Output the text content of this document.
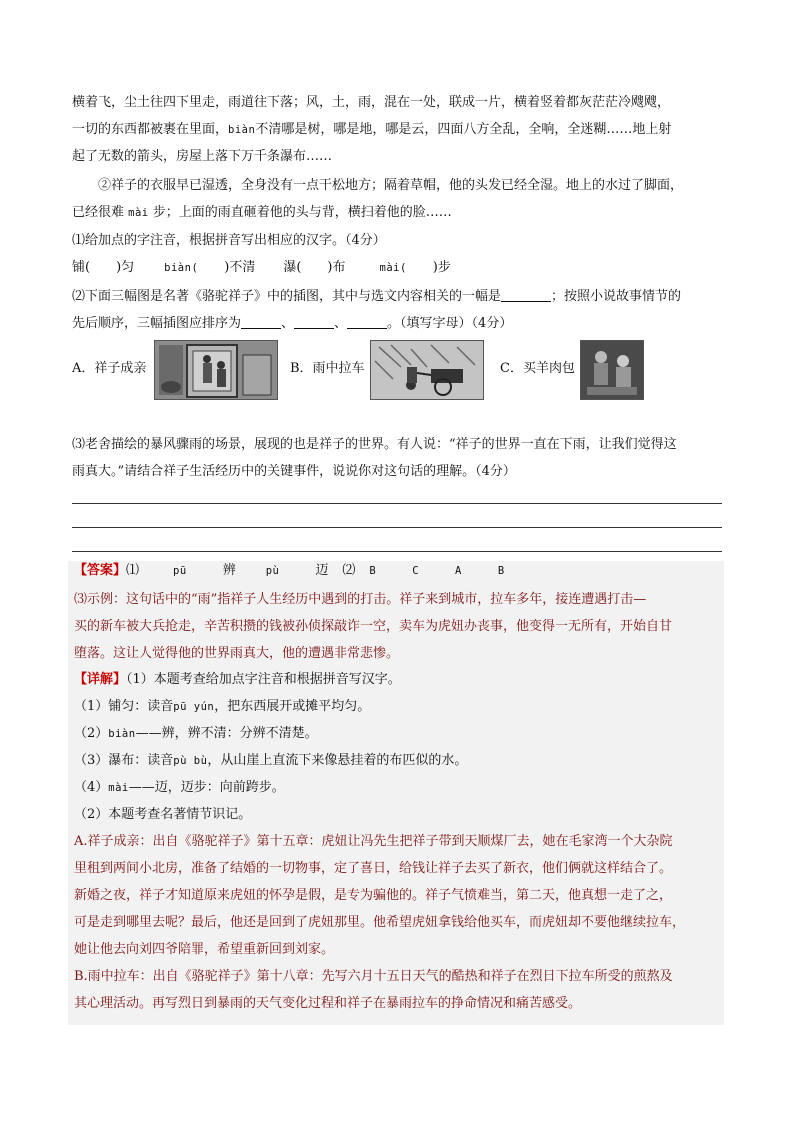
横着飞，尘土往四下里走，雨道往下落；风，土，雨，混在一处，联成一片，横着竖着都灰茫茫冷飕飕，
一切的东西都被裹在里面，biàn不清哪是树，哪是地，哪是云，四面八方全乱，全响，全迷糊……地上射
起了无数的箭头，房屋上落下万千条瀑布……
②祥子的衣服早已湿透，全身没有一点干松地方；隔着草帽，他的头发已经全湿。地上的水过了脚面，
已经很难 mài 步；上面的雨直砸着他的头与背，横扫着他的脸……
⑴给加点的字注音，根据拼音写出相应的汉字。（4分）
铺( )匀	biàn( )不清 瀑( )布	mài( )步
⑵下面三幅图是名著《骆驼祥子》中的插图，其中与选文内容相关的一幅是	；按照小说故事情节的
先后顺序，三幅插图应排序为	、	、	。（填写字母）（4分）
A．祥子成亲	B．雨中拉车	C．买羊肉包
⑶老舍描绘的暴风骤雨的场景，展现的也是祥子的世界。有人说：“祥子的世界一直在下雨，让我们觉得这
雨真大。”请结合祥子生活经历中的关键事件，说说你对这句话的理解。（4分）
【答案】⑴	pū	辨	pù	迈 ⑵ B	C	A	B
⑶示例：这句话中的“雨”指祥子人生经历中遇到的打击。祥子来到城市，拉车多年，接连遭遇打击—
买的新车被大兵抢走，辛苦积攒的钱被孙侦探敲诈一空，卖车为虎妞办丧事，他变得一无所有，开始自甘
堕落。这让人觉得他的世界雨真大，他的遭遇非常悲惨。
【详解】（1）本题考查给加点字注音和根据拼音写汉字。
（1）铺匀：读音pū yún，把东西展开或摊平均匀。
（2）biàn——辨，辨不清：分辨不清楚。
（3）瀑布：读音pù bù，从山崖上直流下来像悬挂着的布匹似的水。
（4）mài——迈，迈步：向前跨步。
（2）本题考查名著情节识记。
A.祥子成亲：出自《骆驼祥子》第十五章：虎妞让冯先生把祥子带到天顺煤厂去，她在毛家湾一个大杂院
里租到两间小北房，准备了结婚的一切物事，定了喜日，给钱让祥子去买了新衣，他们俩就这样结合了。
新婚之夜，祥子才知道原来虎妞的怀孕是假，是专为骗他的。祥子气愤难当，第二天，他真想一走了之，
可是走到哪里去呢？最后，他还是回到了虎妞那里。他希望虎妞拿钱给他买车，而虎妞却不要他继续拉车，
她让他去向刘四爷陪罪，希望重新回到刘家。
B.雨中拉车：出自《骆驼祥子》第十八章：先写六月十五日天气的酷热和祥子在烈日下拉车所受的煎熬及
其心理活动。再写烈日到暴雨的天气变化过程和祥子在暴雨拉车的挣命情况和痛苦感受。
